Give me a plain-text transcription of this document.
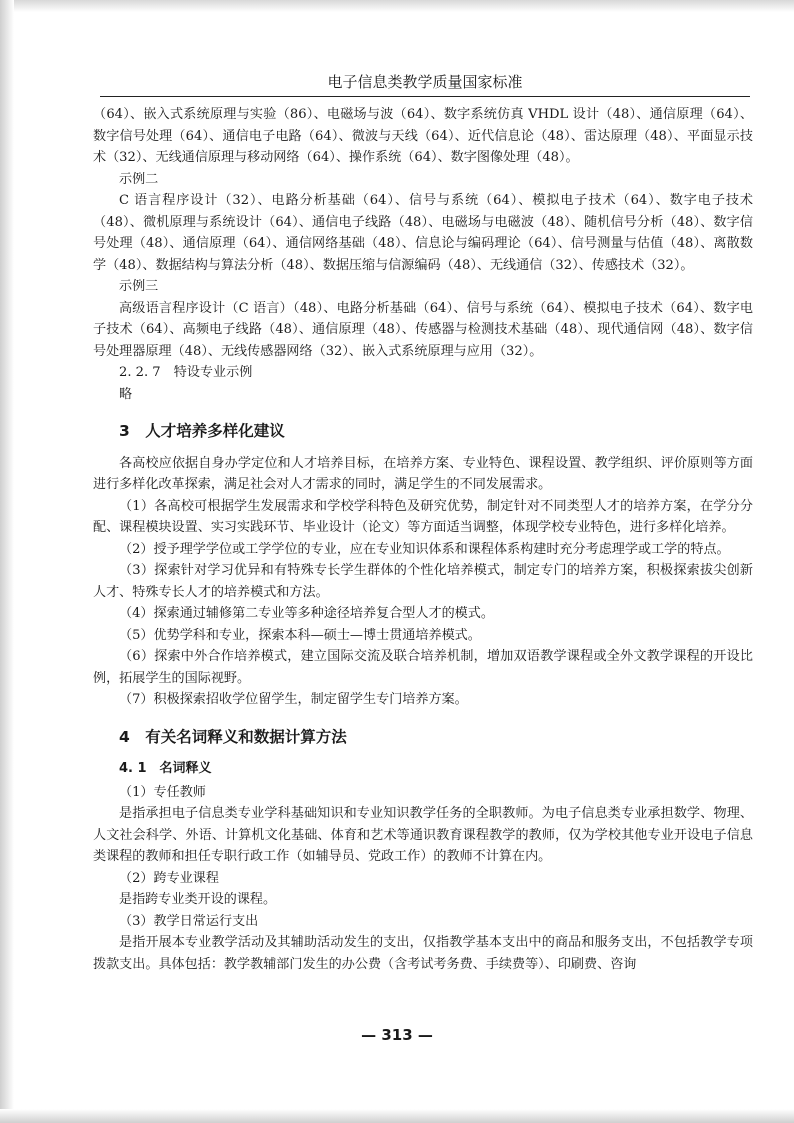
电子信息类教学质量国家标准

（64）、嵌入式系统原理与实验（86）、电磁场与波（64）、数字系统仿真 VHDL 设计（48）、通信原理（64）、数字信号处理（64）、通信电子电路（64）、微波与天线（64）、近代信息论（48）、雷达原理（48）、平面显示技术（32）、无线通信原理与移动网络（64）、操作系统（64）、数字图像处理（48）。

示例二

C 语言程序设计（32）、电路分析基础（64）、信号与系统（64）、模拟电子技术（64）、数字电子技术（48）、微机原理与系统设计（64）、通信电子线路（48）、电磁场与电磁波（48）、随机信号分析（48）、数字信号处理（48）、通信原理（64）、通信网络基础（48）、信息论与编码理论（64）、信号测量与估值（48）、离散数学（48）、数据结构与算法分析（48）、数据压缩与信源编码（48）、无线通信（32）、传感技术（32）。

示例三

高级语言程序设计（C 语言）（48）、电路分析基础（64）、信号与系统（64）、模拟电子技术（64）、数字电子技术（64）、高频电子线路（48）、通信原理（48）、传感器与检测技术基础（48）、现代通信网（48）、数字信号处理器原理（48）、无线传感器网络（32）、嵌入式系统原理与应用（32）。

2. 2. 7　特设专业示例

略

3　人才培养多样化建议

各高校应依据自身办学定位和人才培养目标，在培养方案、专业特色、课程设置、教学组织、评价原则等方面进行多样化改革探索，满足社会对人才需求的同时，满足学生的不同发展需求。

（1）各高校可根据学生发展需求和学校学科特色及研究优势，制定针对不同类型人才的培养方案，在学分分配、课程模块设置、实习实践环节、毕业设计（论文）等方面适当调整，体现学校专业特色，进行多样化培养。

（2）授予理学学位或工学学位的专业，应在专业知识体系和课程体系构建时充分考虑理学或工学的特点。

（3）探索针对学习优异和有特殊专长学生群体的个性化培养模式，制定专门的培养方案，积极探索拔尖创新人才、特殊专长人才的培养模式和方法。

（4）探索通过辅修第二专业等多种途径培养复合型人才的模式。

（5）优势学科和专业，探索本科—硕士—博士贯通培养模式。

（6）探索中外合作培养模式，建立国际交流及联合培养机制，增加双语教学课程或全外文教学课程的开设比例，拓展学生的国际视野。

（7）积极探索招收学位留学生，制定留学生专门培养方案。

4　有关名词释义和数据计算方法
4. 1　名词释义

（1）专任教师

是指承担电子信息类专业学科基础知识和专业知识教学任务的全职教师。为电子信息类专业承担数学、物理、人文社会科学、外语、计算机文化基础、体育和艺术等通识教育课程教学的教师，仅为学校其他专业开设电子信息类课程的教师和担任专职行政工作（如辅导员、党政工作）的教师不计算在内。

（2）跨专业课程

是指跨专业类开设的课程。

（3）教学日常运行支出

是指开展本专业教学活动及其辅助活动发生的支出，仅指教学基本支出中的商品和服务支出，不包括教学专项拨款支出。具体包括：教学教辅部门发生的办公费（含考试考务费、手续费等）、印刷费、咨询

— 313 —
